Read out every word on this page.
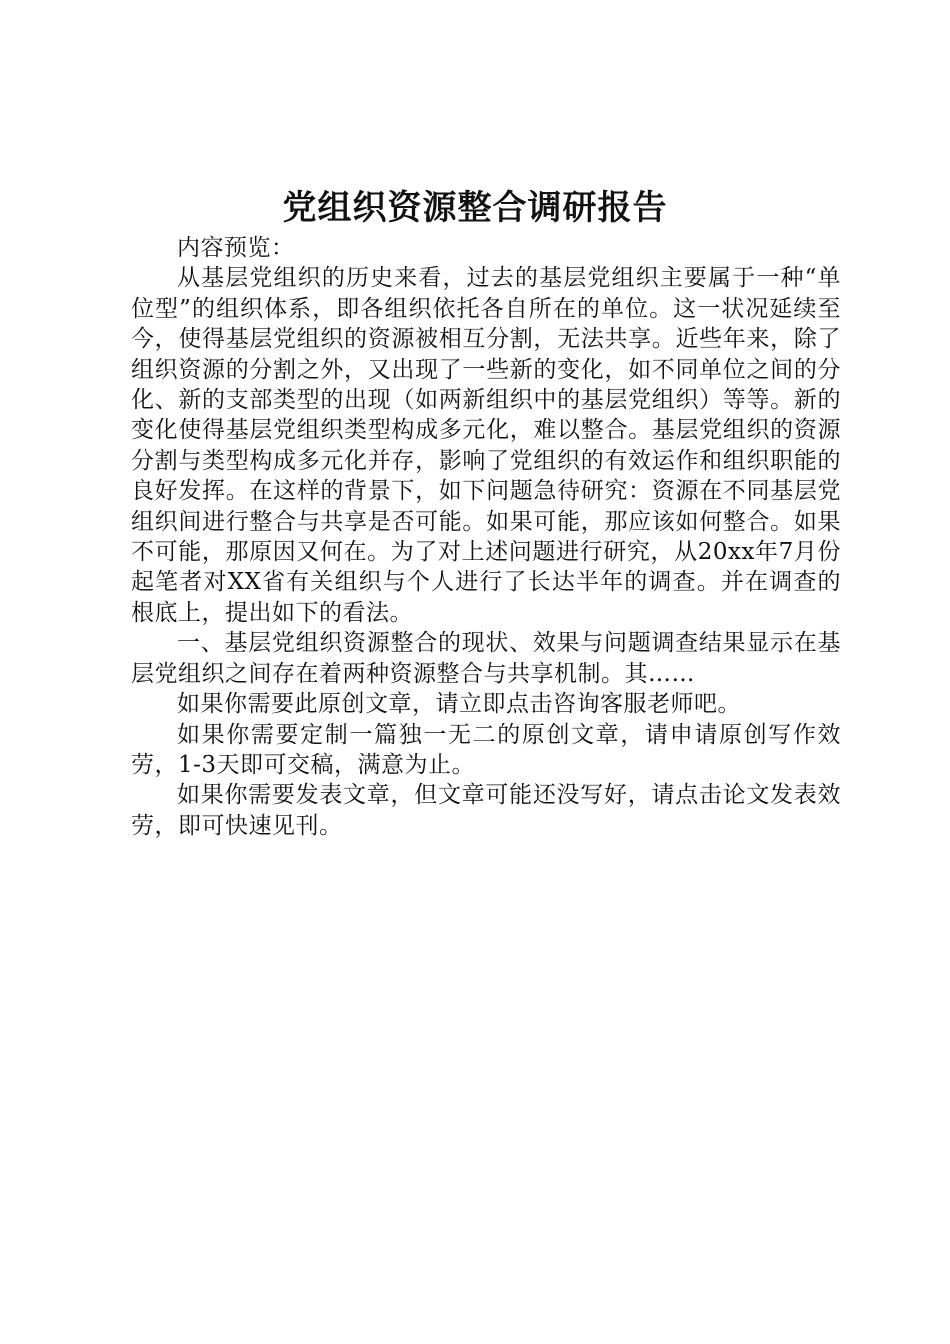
党组织资源整合调研报告

内容预览：

从基层党组织的历史来看，过去的基层党组织主要属于一种“单位型”的组织体系，即各组织依托各自所在的单位。这一状况延续至今，使得基层党组织的资源被相互分割，无法共享。近些年来，除了组织资源的分割之外，又出现了一些新的变化，如不同单位之间的分化、新的支部类型的出现（如两新组织中的基层党组织）等等。新的变化使得基层党组织类型构成多元化，难以整合。基层党组织的资源分割与类型构成多元化并存，影响了党组织的有效运作和组织职能的良好发挥。在这样的背景下，如下问题急待研究：资源在不同基层党组织间进行整合与共享是否可能。如果可能，那应该如何整合。如果不可能，那原因又何在。为了对上述问题进行研究，从20xx年7月份起笔者对XX省有关组织与个人进行了长达半年的调查。并在调查的根底上，提出如下的看法。

一、基层党组织资源整合的现状、效果与问题调查结果显示在基层党组织之间存在着两种资源整合与共享机制。其……

如果你需要此原创文章，请立即点击咨询客服老师吧。

如果你需要定制一篇独一无二的原创文章，请申请原创写作效劳，1-3天即可交稿，满意为止。

如果你需要发表文章，但文章可能还没写好，请点击论文发表效劳，即可快速见刊。
